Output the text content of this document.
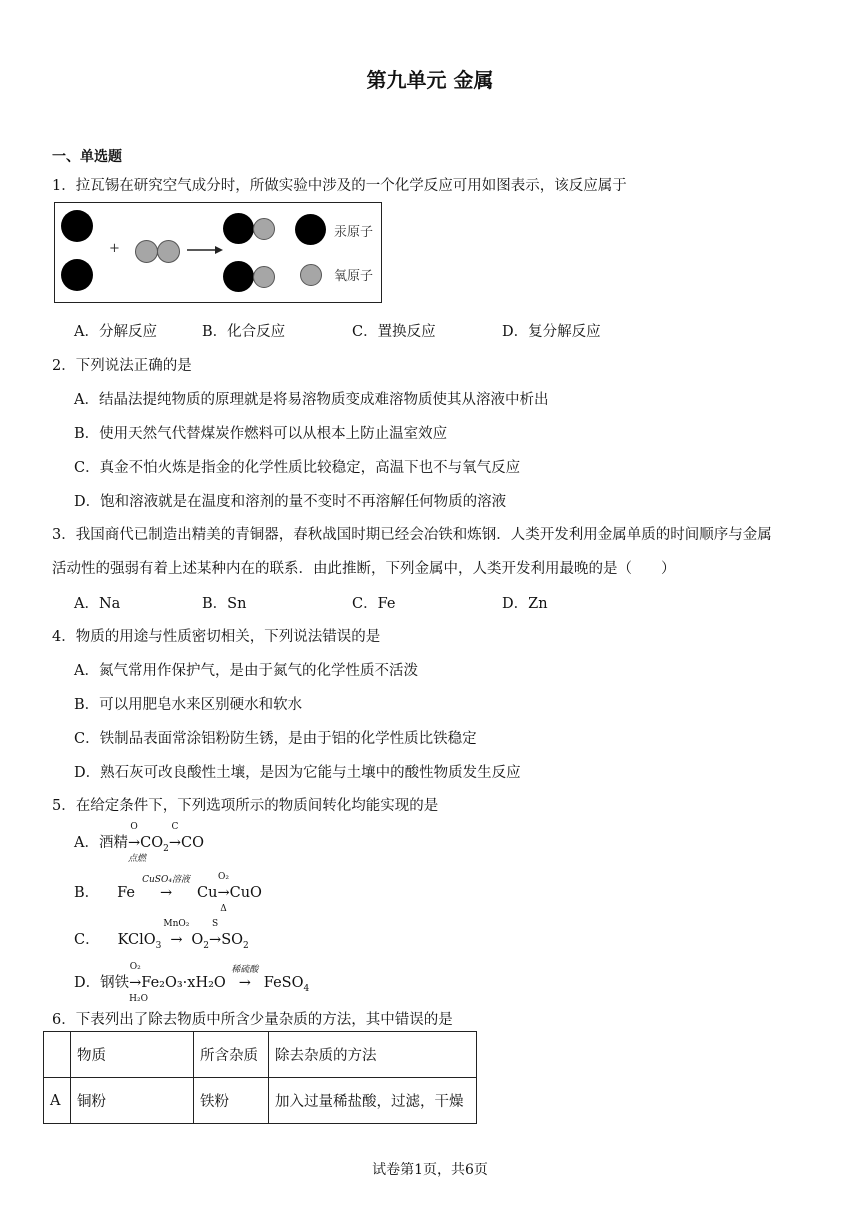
第九单元 金属
一、单选题
1．拉瓦锡在研究空气成分时，所做实验中涉及的一个化学反应可用如图表示，该反应属于
+
汞原子
氧原子
A．分解反应	B．化合反应	C．置换反应	D．复分解反应
2．下列说法正确的是
A．结晶法提纯物质的原理就是将易溶物质变成难溶物质使其从溶液中析出
B．使用天然气代替煤炭作燃料可以从根本上防止温室效应
C．真金不怕火炼是指金的化学性质比较稳定，高温下也不与氧气反应
D．饱和溶液就是在温度和溶剂的量不变时不再溶解任何物质的溶液
3．我国商代已制造出精美的青铜器，春秋战国时期已经会冶铁和炼钢．人类开发利用金属单质的时间顺序与金属
活动性的强弱有着上述某种内在的联系．由此推断，下列金属中，人类开发利用最晚的是（　　）
A．Na	B．Sn	C．Fe	D．Zn
4．物质的用途与性质密切相关，下列说法错误的是
A．氮气常用作保护气，是由于氮气的化学性质不活泼
B．可以用肥皂水来区别硬水和软水
C．铁制品表面常涂铝粉防生锈，是由于铝的化学性质比铁稳定
D．熟石灰可改良酸性土壤，是因为它能与土壤中的酸性物质发生反应
5．在给定条件下，下列选项所示的物质间转化均能实现的是
A．酒精
O
→
点燃
$CO_2$
C
→CO
B． Fe
CuSO₄溶液
→ Cu
O₂
→
Δ
CuO
C． KClO$_3$
MnO₂
→ $O_2$
S
$\to SO_2$
D．钢铁
O₂
→
H₂O
Fe₂O₃·xH₂O
稀硫酸
→ FeSO$_4$
6．下表列出了除去物质中所含少量杂质的方法，其中错误的是
	物质	所含杂质	除去杂质的方法
A	铜粉	铁粉	加入过量稀盐酸，过滤，干燥
试卷第1页，共6页
